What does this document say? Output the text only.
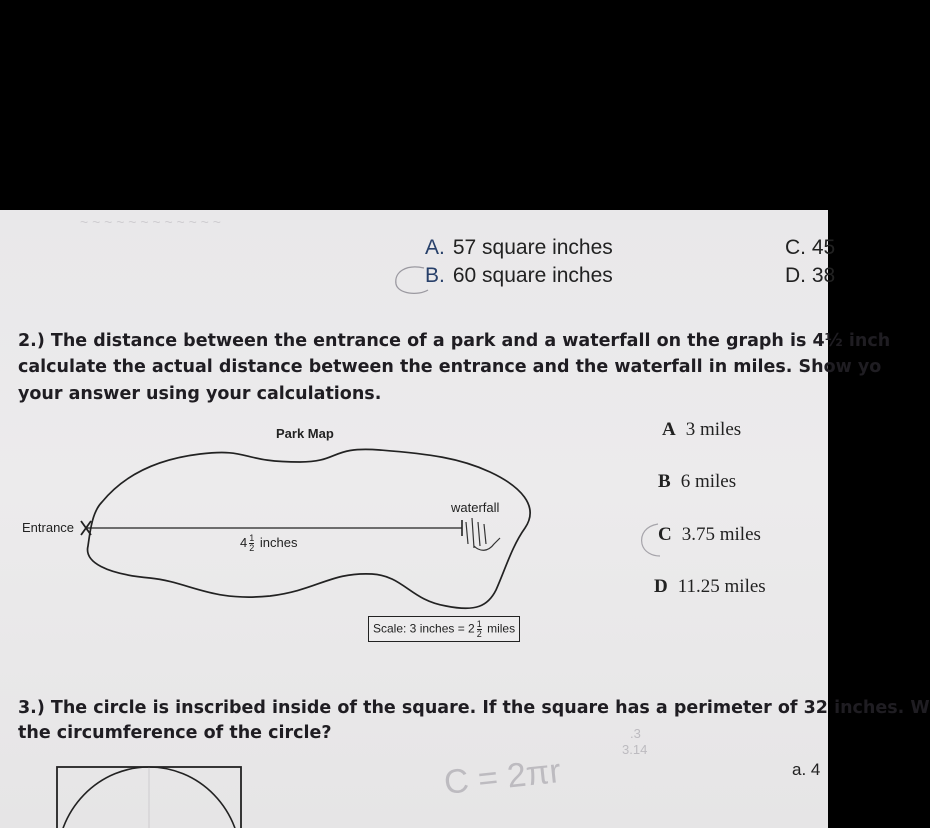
~ ~ ~ ~ ~ ~ ~ ~ ~ ~ ~ ~
A. 57 square inches
B. 60 square inches
C. 45
D. 38
2.) The distance between the entrance of a park and a waterfall on the graph is 4½ inch
calculate the actual distance between the entrance and the waterfall in miles. Show yo
your answer using your calculations.
Park Map
Entrance
waterfall
$4 \frac{1}{2}$ inches
Scale: 3 inches = $2 \frac{1}{2}$ miles
A 3 miles
B 6 miles
C 3.75 miles
D 11.25 miles
3.) The circle is inscribed inside of the square. If the square has a perimeter of 32 inches. W
the circumference of the circle?
C = 2πr
.3
3.14
a. 4
